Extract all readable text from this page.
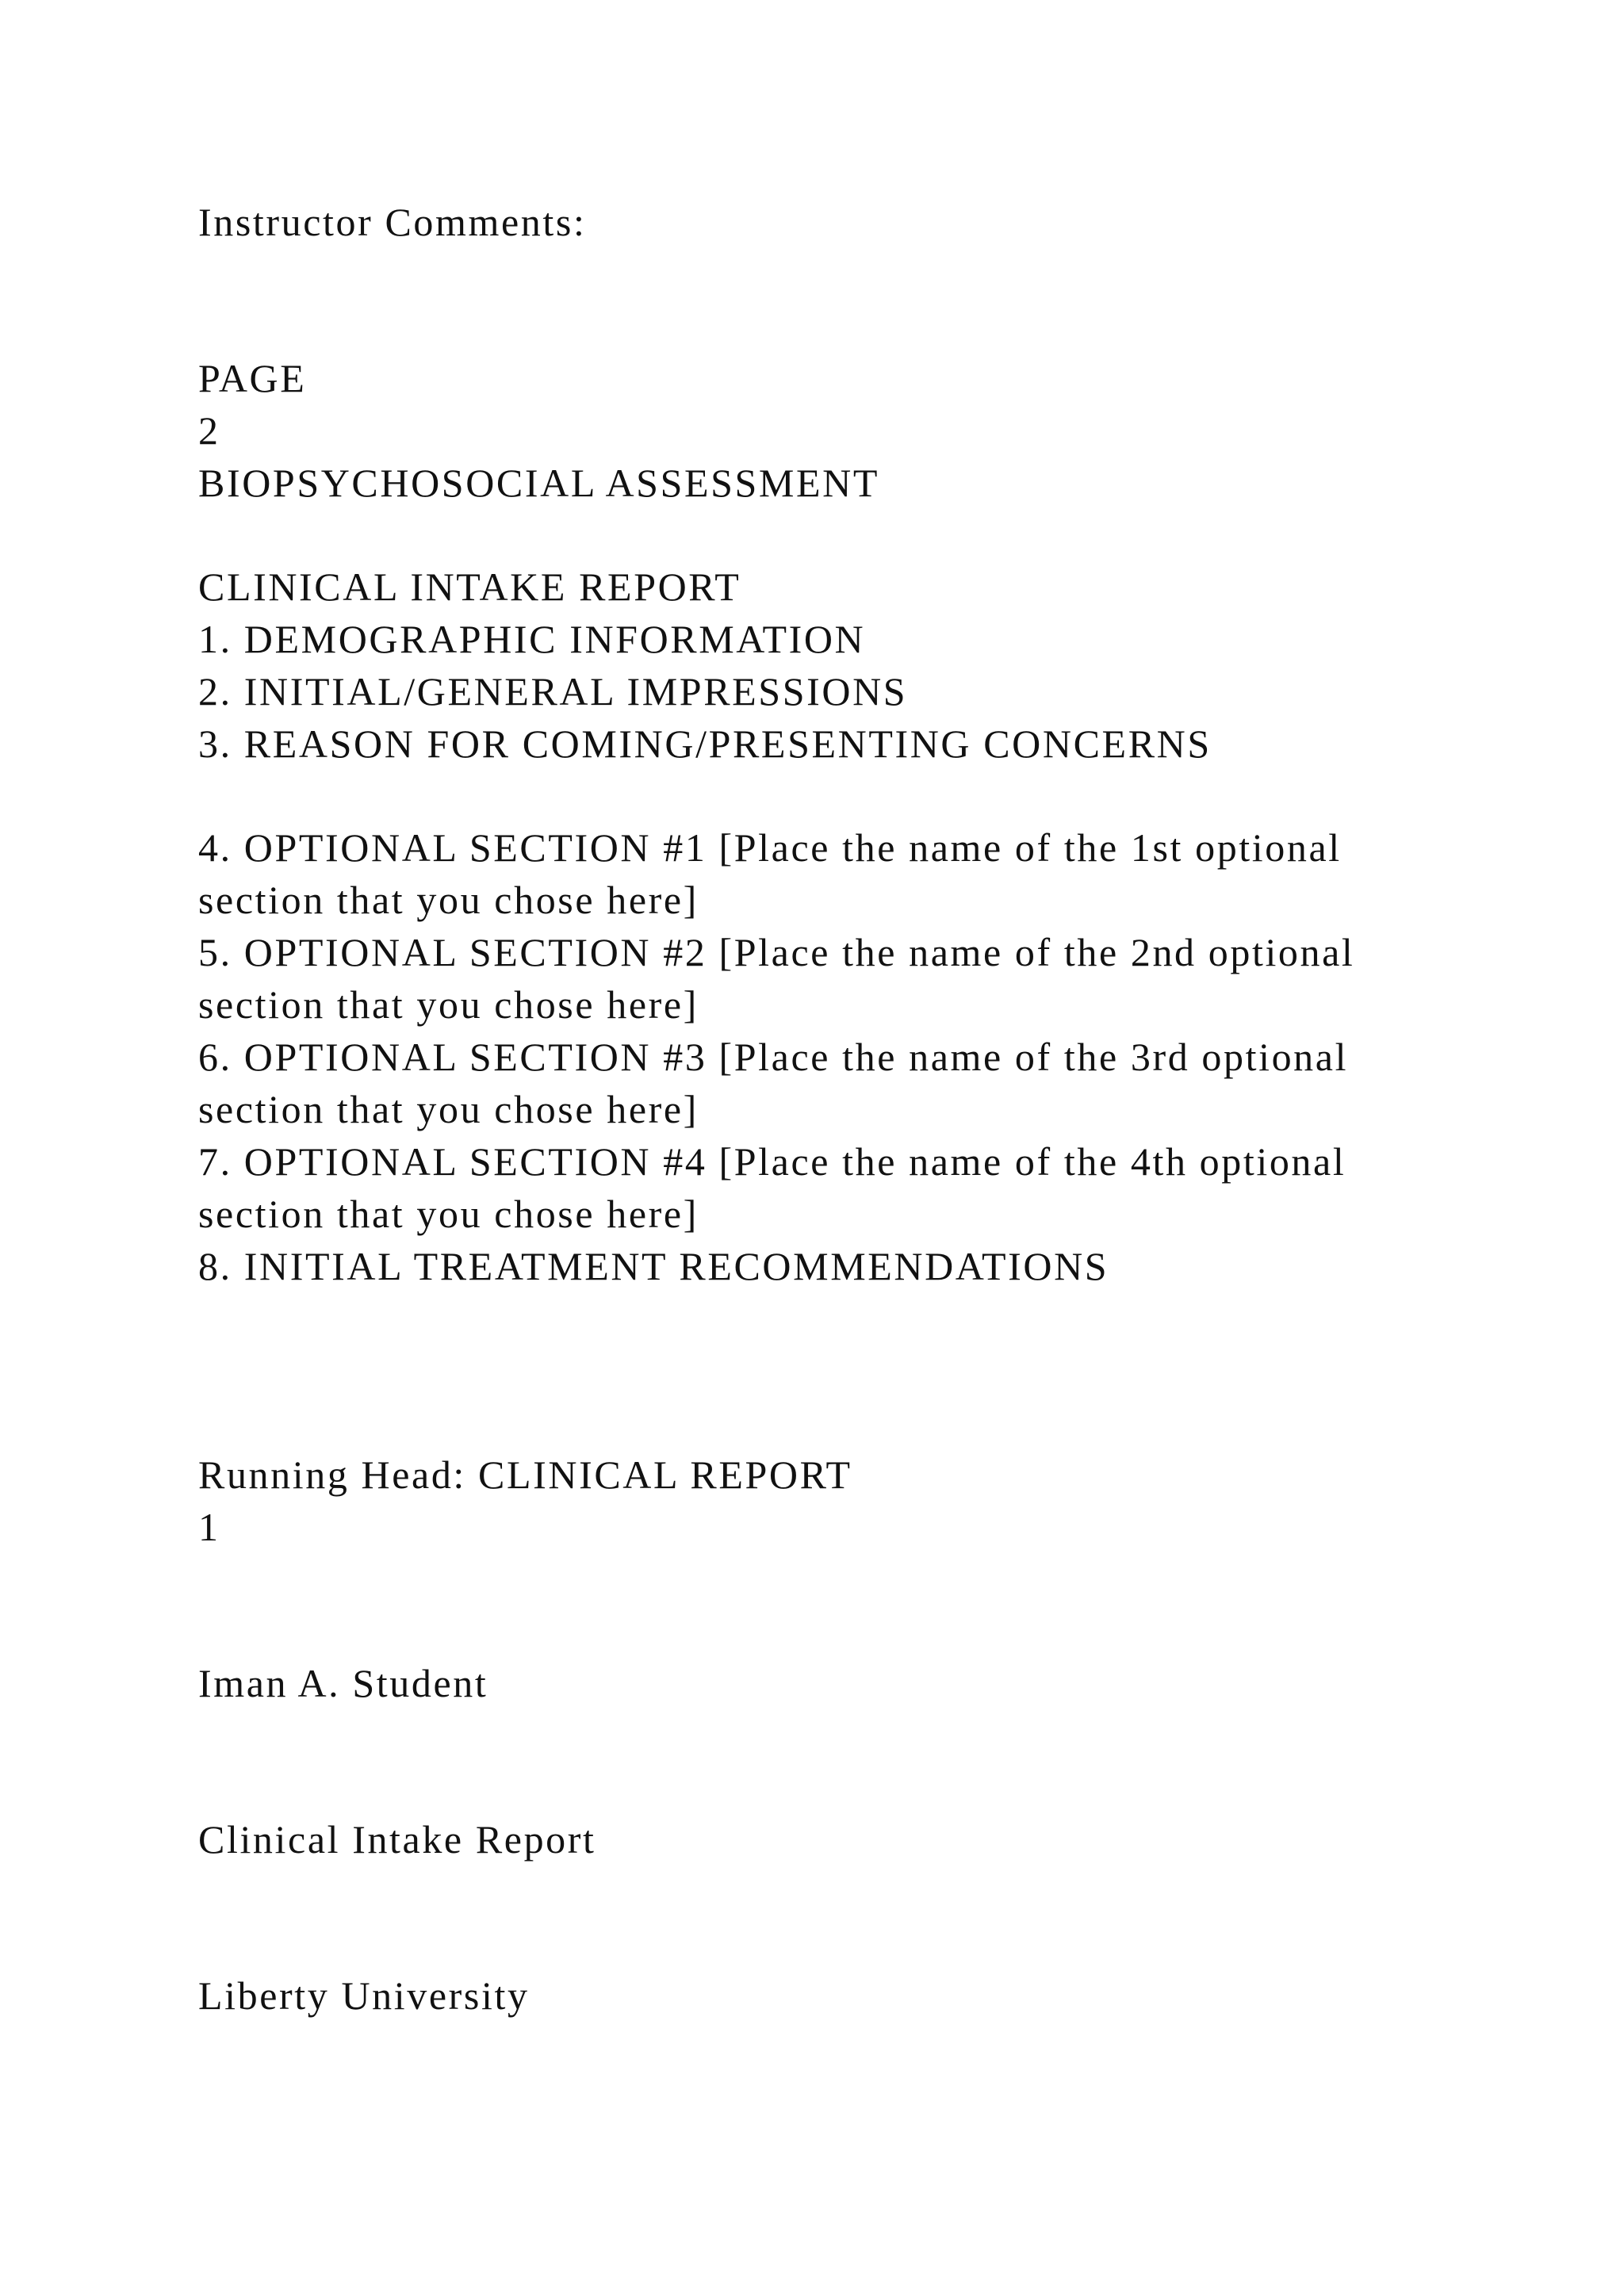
Instructor Comments:

PAGE

2

BIOPSYCHOSOCIAL ASSESSMENT

CLINICAL INTAKE REPORT

1. DEMOGRAPHIC INFORMATION

2. INITIAL/GENERAL IMPRESSIONS

3. REASON FOR COMING/PRESENTING CONCERNS

4. OPTIONAL SECTION #1 [Place the name of the 1st optional

section that you chose here]

5. OPTIONAL SECTION #2 [Place the name of the 2nd optional

section that you chose here]

6. OPTIONAL SECTION #3 [Place the name of the 3rd optional

section that you chose here]

7. OPTIONAL SECTION #4 [Place the name of the 4th optional

section that you chose here]

8. INITIAL TREATMENT RECOMMENDATIONS

Running Head: CLINICAL REPORT

1

Iman A. Student

Clinical Intake Report

Liberty University
